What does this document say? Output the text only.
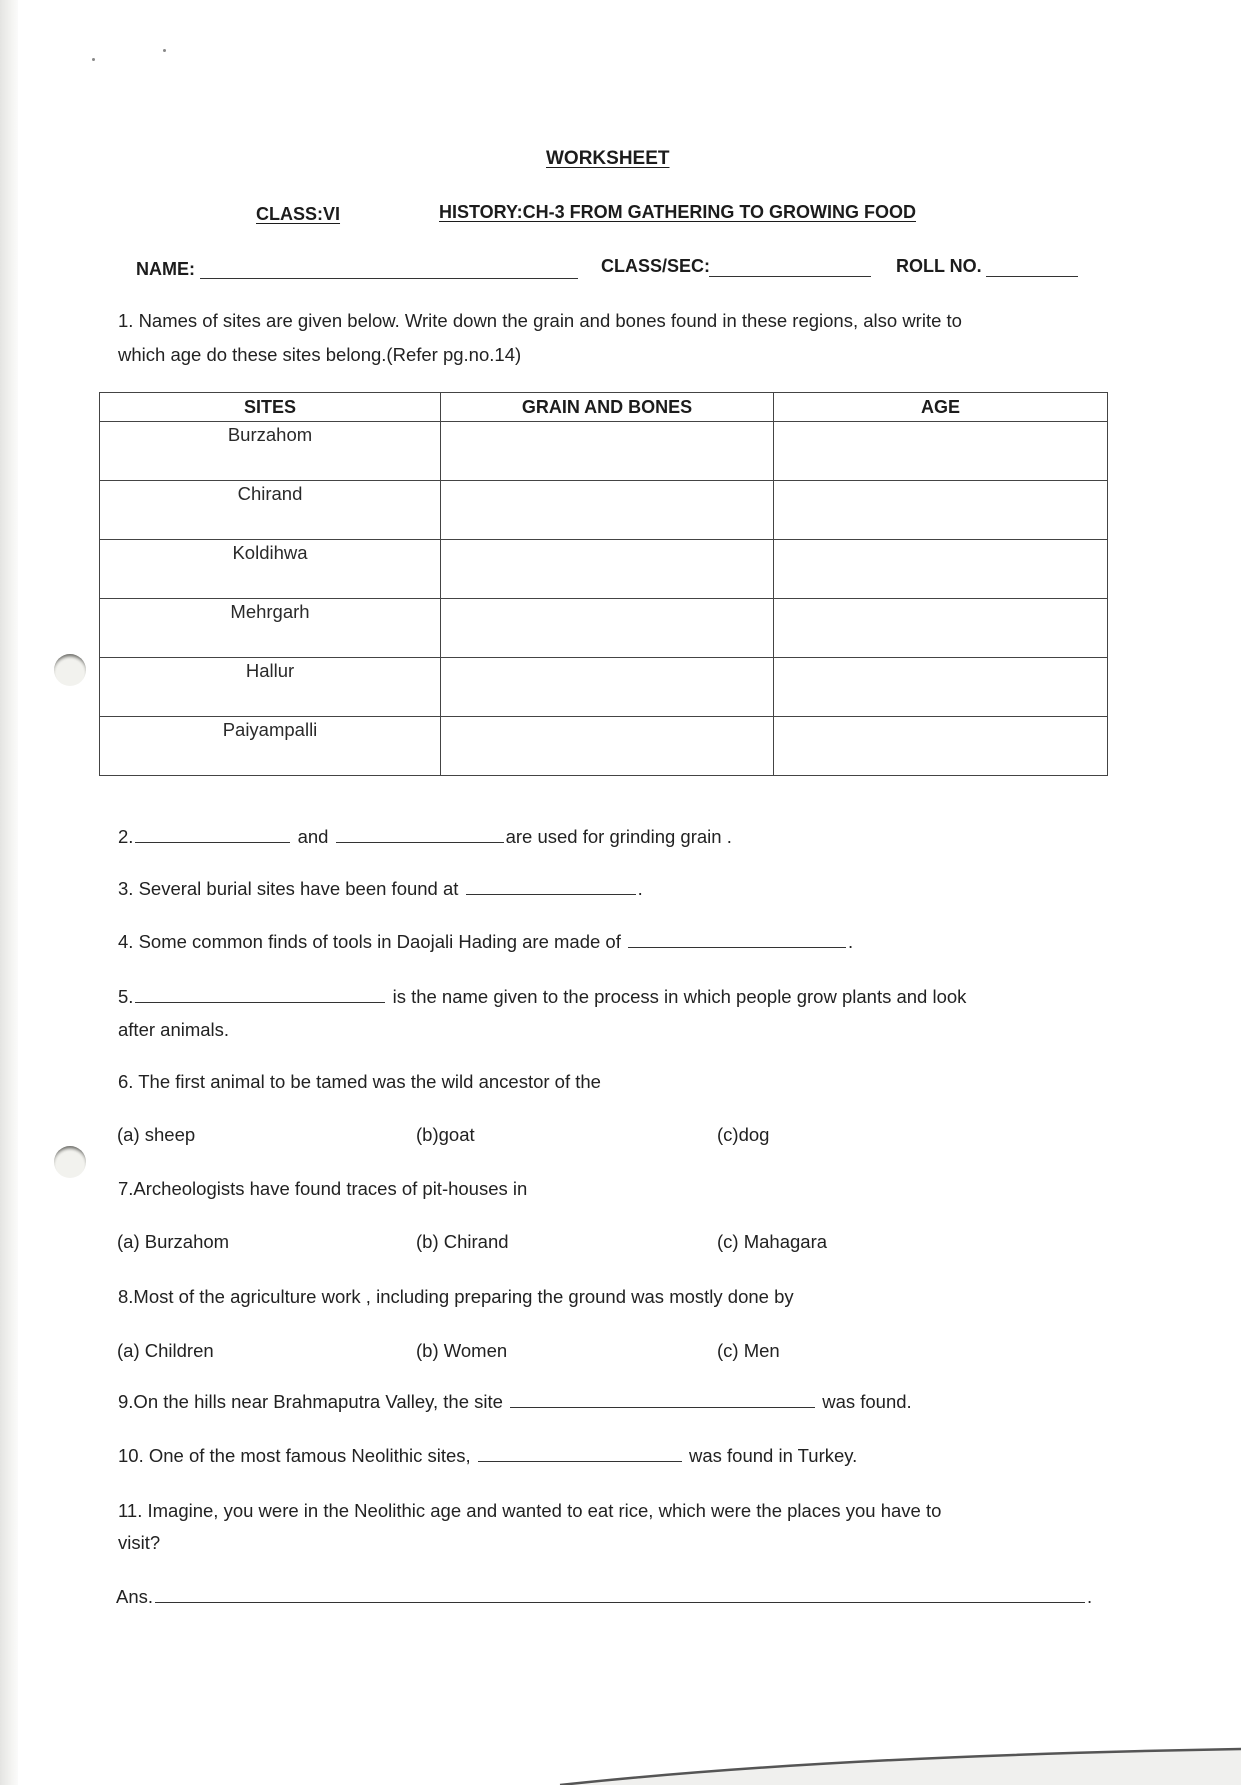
WORKSHEET
CLASS:VI	HISTORY:CH-3 FROM GATHERING TO GROWING FOOD
NAME:	CLASS/SEC:	ROLL NO.
1. Names of sites are given below. Write down the grain and bones found in these regions, also write to
which age do these sites belong.(Refer pg.no.14)
SITES	GRAIN AND BONES	AGE
Burzahom		
Chirand		
Koldihwa		
Mehrgarh		
Hallur		
Paiyampalli		
2.	and	are used for grinding grain .
3. Several burial sites have been found at	.
4. Some common finds of tools in Daojali Hading are made of	.
5.	is the name given to the process in which people grow plants and look
after animals.
6. The first animal to be tamed was the wild ancestor of the
(a) sheep	(b)goat	(c)dog
7.Archeologists have found traces of pit-houses in
(a) Burzahom	(b) Chirand	(c) Mahagara
8.Most of the agriculture work , including preparing the ground was mostly done by
(a) Children	(b) Women	(c) Men
9.On the hills near Brahmaputra Valley, the site	was found.
10. One of the most famous Neolithic sites,	was found in Turkey.
11. Imagine, you were in the Neolithic age and wanted to eat rice, which were the places you have to
visit?
Ans.	.
